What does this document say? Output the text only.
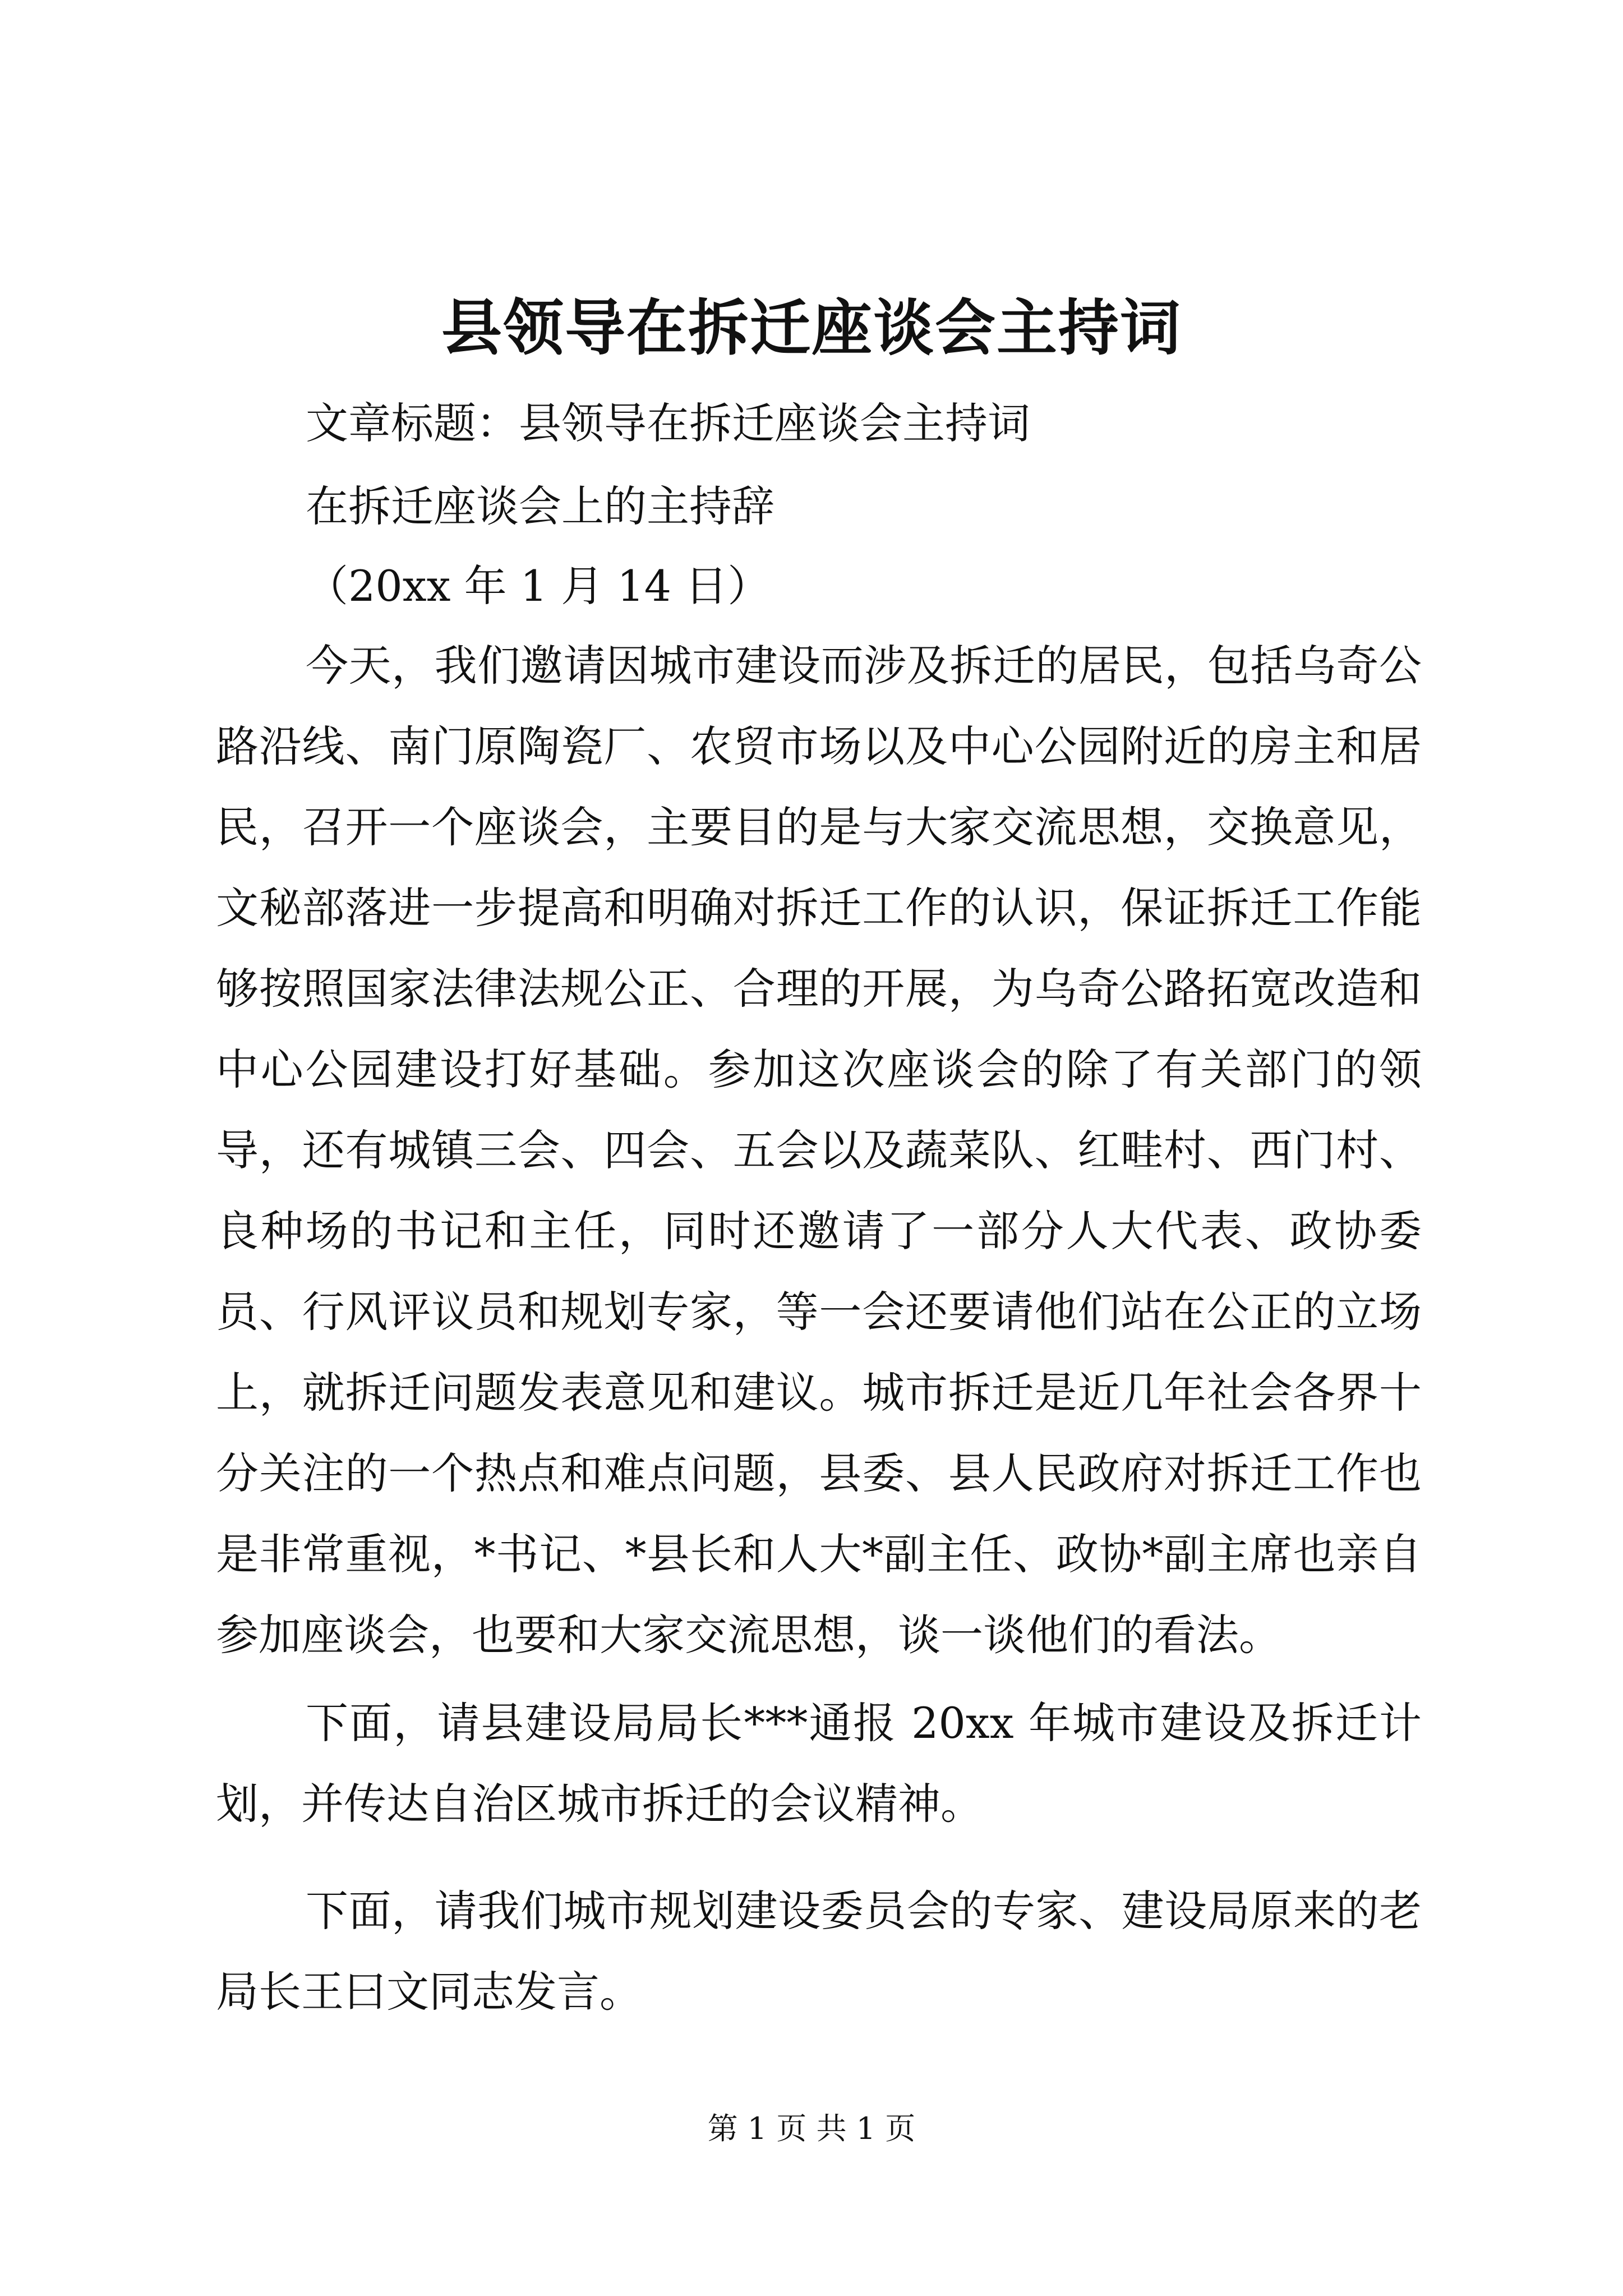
县领导在拆迁座谈会主持词
文章标题：县领导在拆迁座谈会主持词
在拆迁座谈会上的主持辞
（20xx 年 1 月 14 日）

今天，我们邀请因城市建设而涉及拆迁的居民，包括乌奇公路沿线、南门原陶瓷厂、农贸市场以及中心公园附近的房主和居民，召开一个座谈会，主要目的是与大家交流思想，交换意见，文秘部落进一步提高和明确对拆迁工作的认识，保证拆迁工作能够按照国家法律法规公正、合理的开展，为乌奇公路拓宽改造和中心公园建设打好基础。参加这次座谈会的除了有关部门的领导，还有城镇三会、四会、五会以及蔬菜队、红畦村、西门村、良种场的书记和主任，同时还邀请了一部分人大代表、政协委员、行风评议员和规划专家，等一会还要请他们站在公正的立场上，就拆迁问题发表意见和建议。城市拆迁是近几年社会各界十分关注的一个热点和难点问题，县委、县人民政府对拆迁工作也是非常重视，*书记、*县长和人大*副主任、政协*副主席也亲自参加座谈会，也要和大家交流思想，谈一谈他们的看法。

下面，请县建设局局长***通报 20xx 年城市建设及拆迁计划，并传达自治区城市拆迁的会议精神。

下面，请我们城市规划建设委员会的专家、建设局原来的老局长王曰文同志发言。

第 1 页 共 1 页
